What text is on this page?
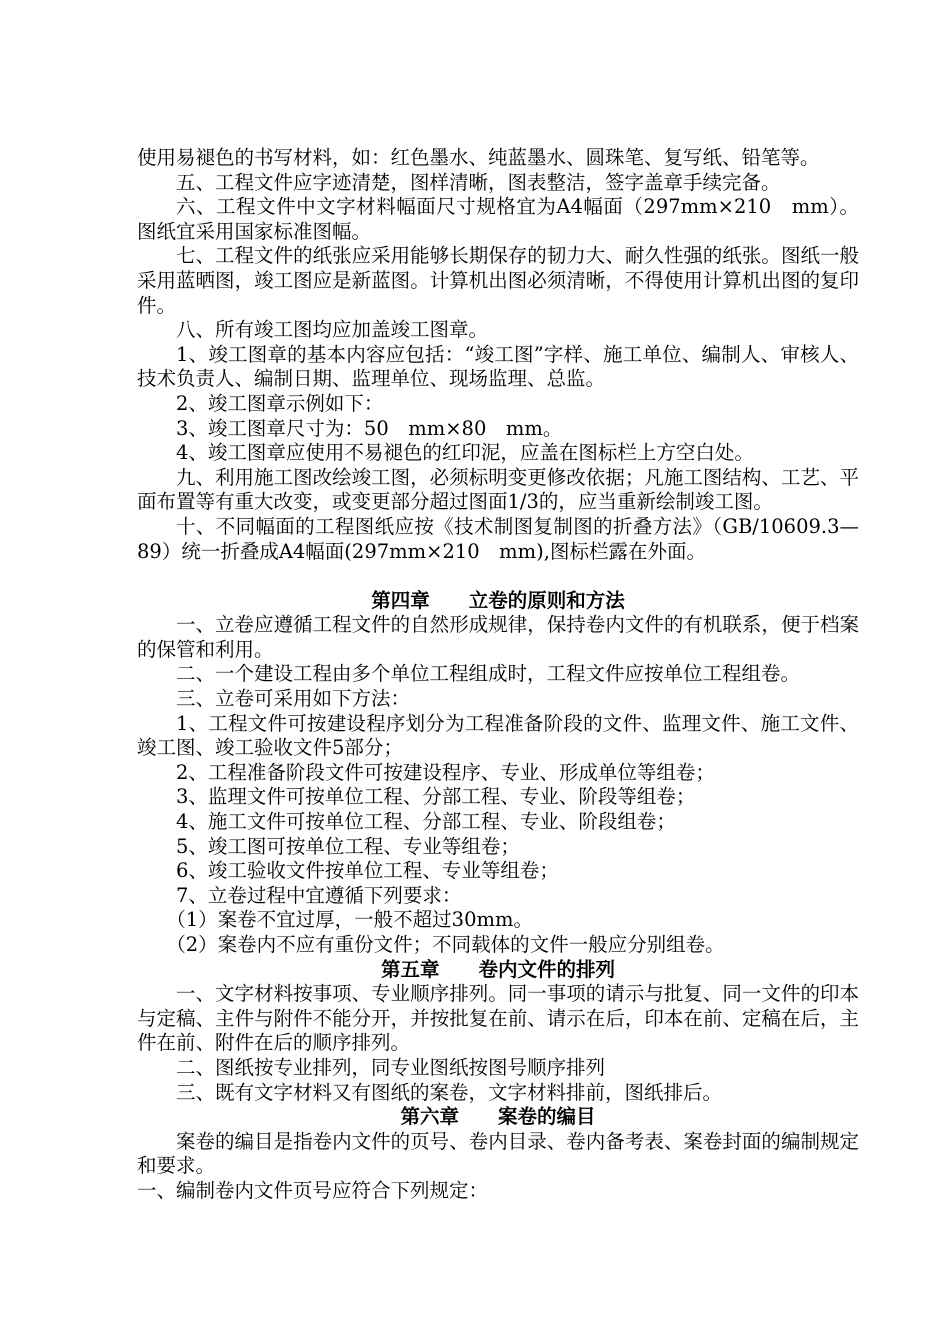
使用易褪色的书写材料，如：红色墨水、纯蓝墨水、圆珠笔、复写纸、铅笔等。

五、工程文件应字迹清楚，图样清晰，图表整洁，签字盖章手续完备。

六、工程文件中文字材料幅面尺寸规格宜为A4幅面（297mm×210　mm）。图纸宜采用国家标准图幅。

七、工程文件的纸张应采用能够长期保存的韧力大、耐久性强的纸张。图纸一般采用蓝晒图，竣工图应是新蓝图。计算机出图必须清晰，不得使用计算机出图的复印件。

八、所有竣工图均应加盖竣工图章。

1、竣工图章的基本内容应包括：“竣工图”字样、施工单位、编制人、审核人、技术负责人、编制日期、监理单位、现场监理、总监。

2、竣工图章示例如下：

3、竣工图章尺寸为：50　mm×80　mm。

4、竣工图章应使用不易褪色的红印泥，应盖在图标栏上方空白处。

九、利用施工图改绘竣工图，必须标明变更修改依据；凡施工图结构、工艺、平面布置等有重大改变，或变更部分超过图面1/3的，应当重新绘制竣工图。

十、不同幅面的工程图纸应按《技术制图复制图的折叠方法》（GB/10609.3—89）统一折叠成A4幅面(297mm×210　mm),图标栏露在外面。

第四章　　立卷的原则和方法

一、立卷应遵循工程文件的自然形成规律，保持卷内文件的有机联系，便于档案的保管和利用。

二、一个建设工程由多个单位工程组成时，工程文件应按单位工程组卷。

三、立卷可采用如下方法：

1、工程文件可按建设程序划分为工程准备阶段的文件、监理文件、施工文件、竣工图、竣工验收文件5部分；

2、工程准备阶段文件可按建设程序、专业、形成单位等组卷；

3、监理文件可按单位工程、分部工程、专业、阶段等组卷；

4、施工文件可按单位工程、分部工程、专业、阶段组卷；

5、竣工图可按单位工程、专业等组卷；

6、竣工验收文件按单位工程、专业等组卷；

7、立卷过程中宜遵循下列要求：

（1）案卷不宜过厚，一般不超过30mm。

（2）案卷内不应有重份文件；不同载体的文件一般应分别组卷。

第五章　　卷内文件的排列

一、文字材料按事项、专业顺序排列。同一事项的请示与批复、同一文件的印本与定稿、主件与附件不能分开，并按批复在前、请示在后，印本在前、定稿在后，主件在前、附件在后的顺序排列。

二、图纸按专业排列，同专业图纸按图号顺序排列

三、既有文字材料又有图纸的案卷，文字材料排前，图纸排后。

第六章　　案卷的编目

案卷的编目是指卷内文件的页号、卷内目录、卷内备考表、案卷封面的编制规定和要求。

一、编制卷内文件页号应符合下列规定：
